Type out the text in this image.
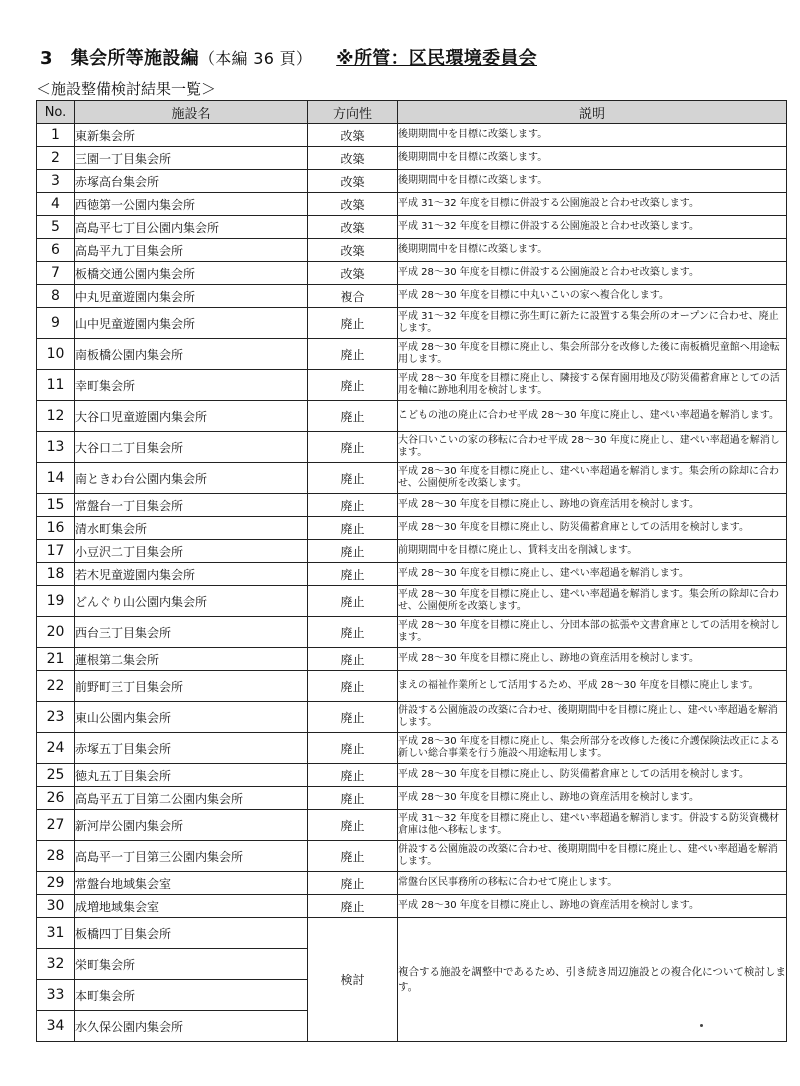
3 集会所等施設編（本編 36 頁） ※所管：区民環境委員会
＜施設整備検討結果一覧＞
No.	施設名	方向性	説明
1	東新集会所	改築	後期期間中を目標に改築します。
2	三園一丁目集会所	改築	後期期間中を目標に改築します。
3	赤塚高台集会所	改築	後期期間中を目標に改築します。
4	西徳第一公園内集会所	改築	平成 31～32 年度を目標に併設する公園施設と合わせ改築します。
5	高島平七丁目公園内集会所	改築	平成 31～32 年度を目標に併設する公園施設と合わせ改築します。
6	高島平九丁目集会所	改築	後期期間中を目標に改築します。
7	板橋交通公園内集会所	改築	平成 28～30 年度を目標に併設する公園施設と合わせ改築します。
8	中丸児童遊園内集会所	複合	平成 28～30 年度を目標に中丸いこいの家へ複合化します。
9	山中児童遊園内集会所	廃止	平成 31～32 年度を目標に弥生町に新たに設置する集会所のオープンに合わせ、廃止します。
10	南板橋公園内集会所	廃止	平成 28～30 年度を目標に廃止し、集会所部分を改修した後に南板橋児童館へ用途転用します。
11	幸町集会所	廃止	平成 28～30 年度を目標に廃止し、隣接する保育園用地及び防災備蓄倉庫としての活用を軸に跡地利用を検討します。
12	大谷口児童遊園内集会所	廃止	こどもの池の廃止に合わせ平成 28～30 年度に廃止し、建ぺい率超過を解消します。
13	大谷口二丁目集会所	廃止	大谷口いこいの家の移転に合わせ平成 28～30 年度に廃止し、建ぺい率超過を解消します。
14	南ときわ台公園内集会所	廃止	平成 28～30 年度を目標に廃止し、建ぺい率超過を解消します。集会所の除却に合わせ、公園便所を改築します。
15	常盤台一丁目集会所	廃止	平成 28～30 年度を目標に廃止し、跡地の資産活用を検討します。
16	清水町集会所	廃止	平成 28～30 年度を目標に廃止し、防災備蓄倉庫としての活用を検討します。
17	小豆沢二丁目集会所	廃止	前期期間中を目標に廃止し、賃料支出を削減します。
18	若木児童遊園内集会所	廃止	平成 28～30 年度を目標に廃止し、建ぺい率超過を解消します。
19	どんぐり山公園内集会所	廃止	平成 28～30 年度を目標に廃止し、建ぺい率超過を解消します。集会所の除却に合わせ、公園便所を改築します。
20	西台三丁目集会所	廃止	平成 28～30 年度を目標に廃止し、分団本部の拡張や文書倉庫としての活用を検討します。
21	蓮根第二集会所	廃止	平成 28～30 年度を目標に廃止し、跡地の資産活用を検討します。
22	前野町三丁目集会所	廃止	まえの福祉作業所として活用するため、平成 28～30 年度を目標に廃止します。
23	東山公園内集会所	廃止	併設する公園施設の改築に合わせ、後期期間中を目標に廃止し、建ぺい率超過を解消します。
24	赤塚五丁目集会所	廃止	平成 28～30 年度を目標に廃止し、集会所部分を改修した後に介護保険法改正による新しい総合事業を行う施設へ用途転用します。
25	徳丸五丁目集会所	廃止	平成 28～30 年度を目標に廃止し、防災備蓄倉庫としての活用を検討します。
26	高島平五丁目第二公園内集会所	廃止	平成 28～30 年度を目標に廃止し、跡地の資産活用を検討します。
27	新河岸公園内集会所	廃止	平成 31～32 年度を目標に廃止し、建ぺい率超過を解消します。併設する防災資機材倉庫は他へ移転します。
28	高島平一丁目第三公園内集会所	廃止	併設する公園施設の改築に合わせ、後期期間中を目標に廃止し、建ぺい率超過を解消します。
29	常盤台地域集会室	廃止	常盤台区民事務所の移転に合わせて廃止します。
30	成増地域集会室	廃止	平成 28～30 年度を目標に廃止し、跡地の資産活用を検討します。
31	板橋四丁目集会所	検討	複合する施設を調整中であるため、引き続き周辺施設との複合化について検討します。
32	栄町集会所		
33	本町集会所		
34	水久保公園内集会所		
